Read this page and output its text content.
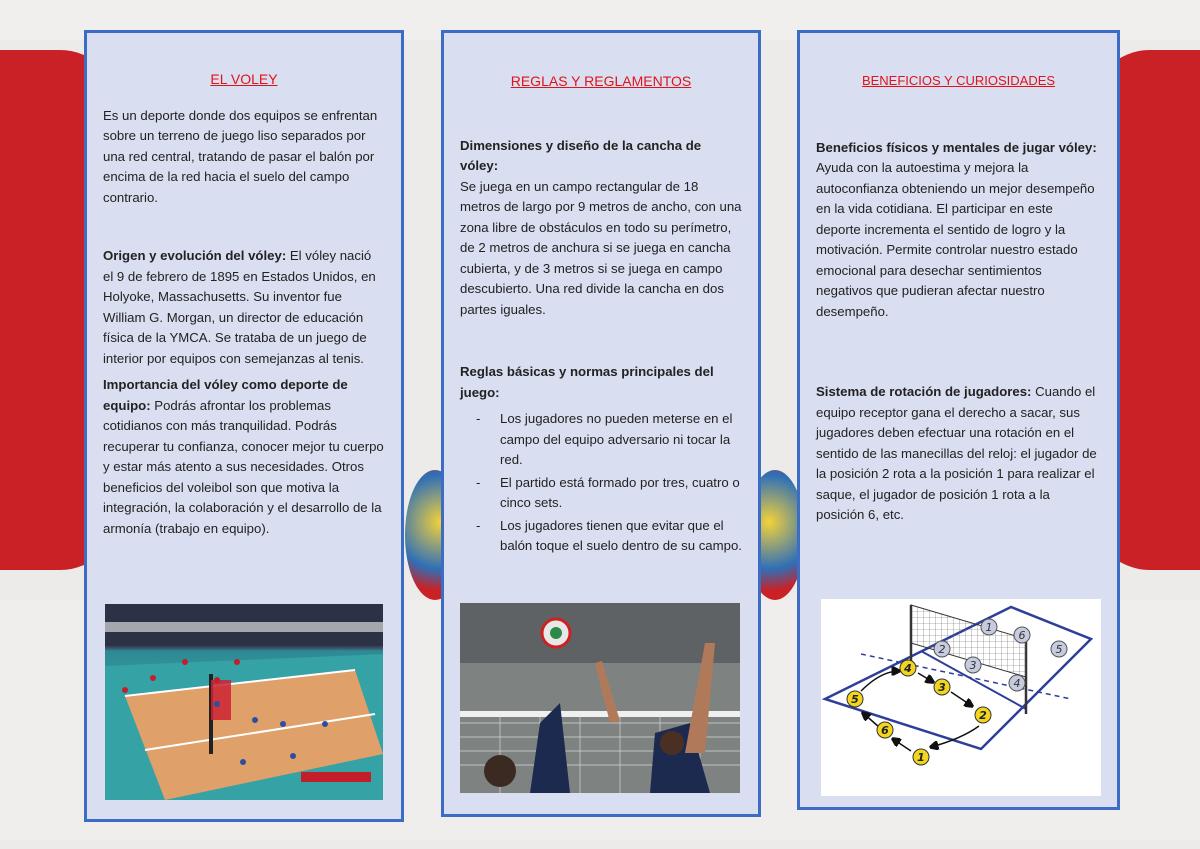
EL VOLEY

Es un deporte donde dos equipos se enfrentan sobre un terreno de juego liso separados por una red central, tratando de pasar el balón por encima de la red hacia el suelo del campo contrario.

Origen y evolución del vóley: El vóley nació el 9 de febrero de 1895 en Estados Unidos, en Holyoke, Massachusetts. Su inventor fue William G. Morgan, un director de educación física de la YMCA. Se trataba de un juego de interior por equipos con semejanzas al tenis.

Importancia del vóley como deporte de equipo: Podrás afrontar los problemas cotidianos con más tranquilidad. Podrás recuperar tu confianza, conocer mejor tu cuerpo y estar más atento a sus necesidades. Otros beneficios del voleibol son que motiva la integración, la colaboración y el desarrollo de la armonía (trabajo en equipo).

REGLAS Y REGLAMENTOS

Dimensiones y diseño de la cancha de vóley:
Se juega en un campo rectangular de 18 metros de largo por 9 metros de ancho, con una zona libre de obstáculos en todo su perímetro, de 2 metros de anchura si se juega en cancha cubierta, y de 3 metros si se juega en campo descubierto. Una red divide la cancha en dos partes iguales.

Reglas básicas y normas principales del juego:

- Los jugadores no pueden meterse en el campo del equipo adversario ni tocar la red.
- El partido está formado por tres, cuatro o cinco sets.
- Los jugadores tienen que evitar que el balón toque el suelo dentro de su campo.

BENEFICIOS Y CURIOSIDADES

Beneficios físicos y mentales de jugar vóley:
Ayuda con la autoestima y mejora la autoconfianza obteniendo un mejor desempeño en la vida cotidiana. El participar en este deporte incrementa el sentido de logro y la motivación. Permite controlar nuestro estado emocional para desechar sentimientos negativos que pudieran afectar nuestro desempeño.

Sistema de rotación de jugadores: Cuando el equipo receptor gana el derecho a sacar, sus jugadores deben efectuar una rotación en el sentido de las manecillas del reloj: el jugador de la posición 2 rota a la posición 1 para realizar el saque, el jugador de posición 1 rota a la posición 6, etc.

1
6
5
2
3
4
4
3
2
1
6
5
